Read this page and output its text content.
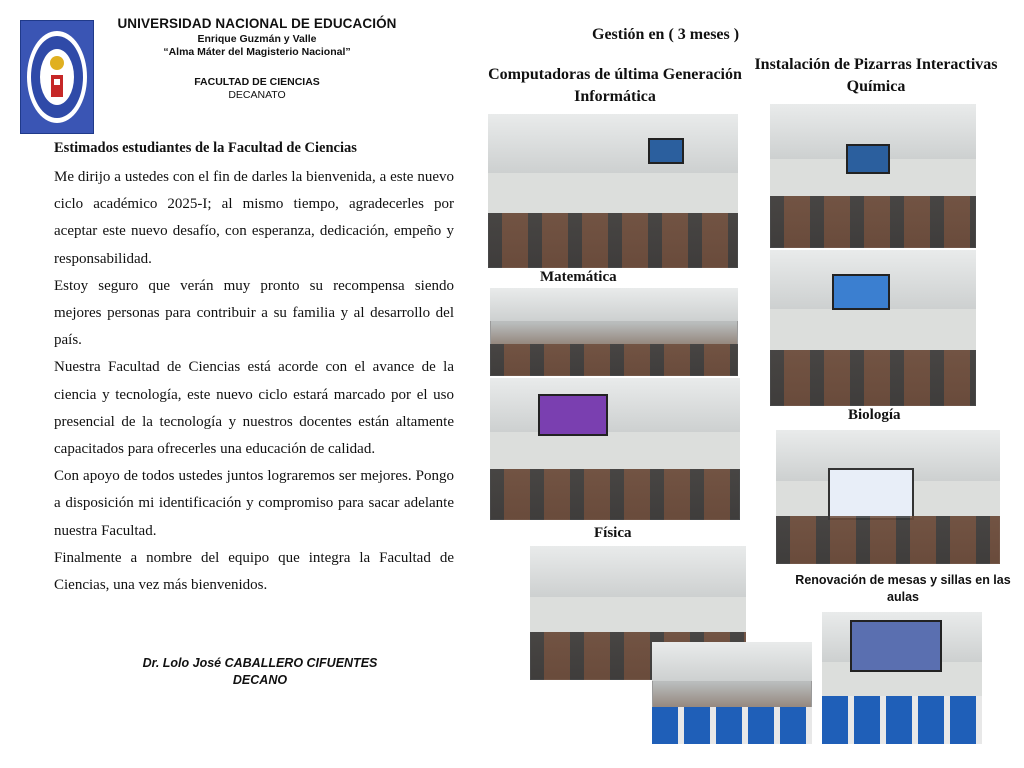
UNIVERSIDAD NACIONAL DE EDUCACIÓN
Enrique Guzmán y Valle
“Alma Máter del Magisterio Nacional”
FACULTAD DE CIENCIAS
DECANATO
Estimados estudiantes de la Facultad de Ciencias

Me dirijo a ustedes con el fin de darles la bienvenida, a este nuevo ciclo académico 2025-I; al mismo tiempo, agradecerles por aceptar este nuevo desafío, con esperanza, dedicación, empeño y responsabilidad.

Estoy seguro que verán muy pronto su recompensa siendo mejores personas para contribuir a su familia y al desarrollo del país.

Nuestra Facultad de Ciencias está acorde con el avance de la ciencia y tecnología, este nuevo ciclo estará marcado por el uso presencial de la tecnología y nuestros docentes están altamente capacitados para ofrecerles una educación de calidad.

Con apoyo de todos ustedes juntos lograremos ser mejores. Pongo a disposición mi identificación y compromiso para sacar adelante nuestra Facultad.

Finalmente a nombre del equipo que integra la Facultad de Ciencias, una vez más bienvenidos.

Dr. Lolo José CABALLERO CIFUENTES
DECANO
Gestión en ( 3 meses )
Computadoras de última Generación
Informática
Instalación de Pizarras Interactivas
Química
Matemática
Biología
Física
Renovación de mesas y sillas en las aulas
